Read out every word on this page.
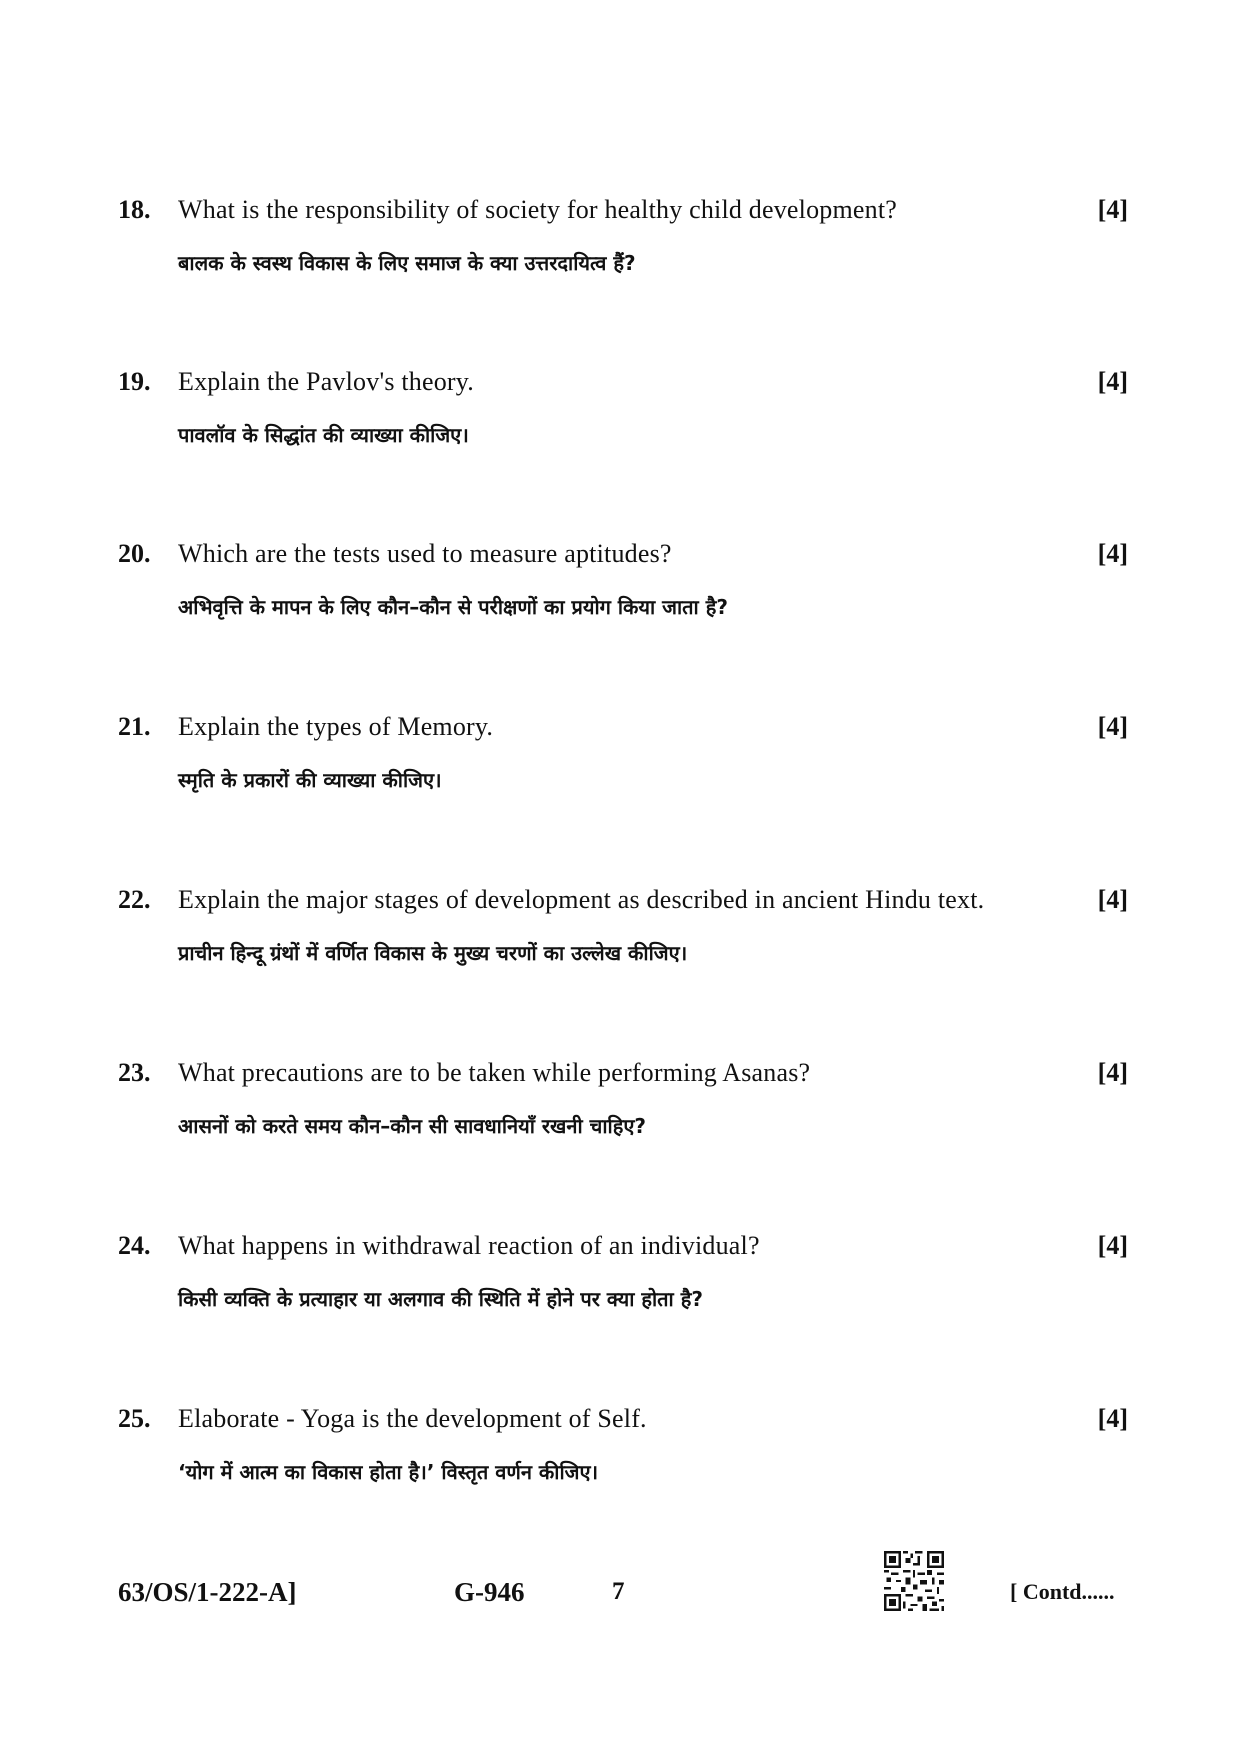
18. What is the responsibility of society for healthy child development?	[4]
बालक के स्वस्थ विकास के लिए समाज के क्या उत्तरदायित्व हैं?
19. Explain the Pavlov's theory.	[4]
पावलॉव के सिद्धांत की व्याख्या कीजिए।
20. Which are the tests used to measure aptitudes?	[4]
अभिवृत्ति के मापन के लिए कौन–कौन से परीक्षणों का प्रयोग किया जाता है?
21. Explain the types of Memory.	[4]
स्मृति के प्रकारों की व्याख्या कीजिए।
22. Explain the major stages of development as described in ancient Hindu text.	[4]
प्राचीन हिन्दू ग्रंथों में वर्णित विकास के मुख्य चरणों का उल्लेख कीजिए।
23. What precautions are to be taken while performing Asanas?	[4]
आसनों को करते समय कौन–कौन सी सावधानियाँ रखनी चाहिए?
24. What happens in withdrawal reaction of an individual?	[4]
किसी व्यक्ति के प्रत्याहार या अलगाव की स्थिति में होने पर क्या होता है?
25. Elaborate - Yoga is the development of Self.	[4]
‘योग में आत्म का विकास होता है।’ विस्तृत वर्णन कीजिए।
63/OS/1-222-A]	G-946	7	[ Contd......
